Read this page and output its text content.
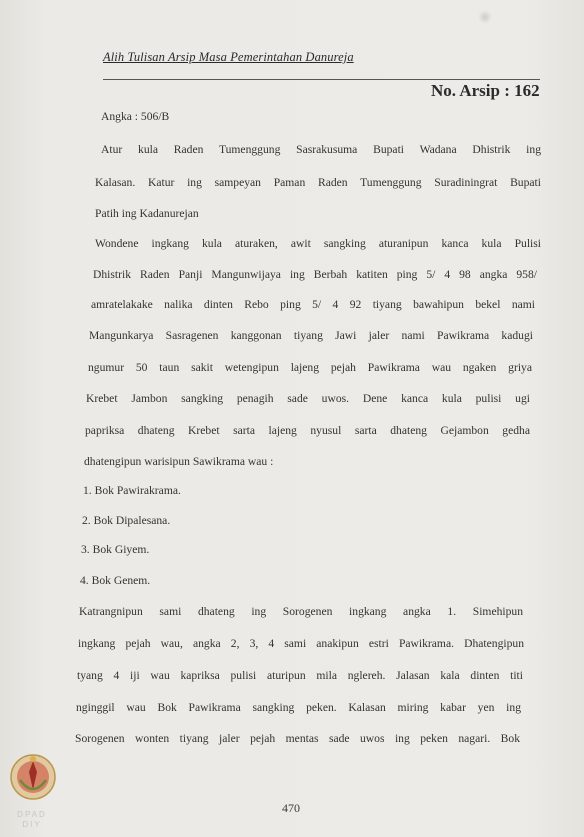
Alih Tulisan Arsip Masa Pemerintahan Danureja
No. Arsip : 162
Angka : 506/B
Atur kula Raden Tumenggung Sasrakusuma Bupati Wadana Dhistrik ing
Kalasan. Katur ing sampeyan Paman Raden Tumenggung Suradiningrat Bupati
Patih ing Kadanurejan
Wondene ingkang kula aturaken, awit sangking aturanipun kanca kula Pulisi
Dhistrik Raden Panji Mangunwijaya ing Berbah katiten ping 5/ 4 98 angka 958/
amratelakake nalika dinten Rebo ping 5/ 4 92 tiyang bawahipun bekel nami
Mangunkarya Sasragenen kanggonan tiyang Jawi jaler nami Pawikrama kadugi
ngumur 50 taun sakit wetengipun lajeng pejah Pawikrama wau ngaken griya
Krebet Jambon sangking penagih sade uwos. Dene kanca kula pulisi ugi
papriksa dhateng Krebet sarta lajeng nyusul sarta dhateng Gejambon gedha
dhatengipun warisipun Sawikrama wau :
1. Bok Pawirakrama.
2. Bok Dipalesana.
3. Bok Giyem.
4. Bok Genem.
Katrangnipun sami dhateng ing Sorogenen ingkang angka 1. Simehipun
ingkang pejah wau, angka 2, 3, 4 sami anakipun estri Pawikrama. Dhatengipun
tyang 4 iji wau kapriksa pulisi aturipun mila nglereh. Jalasan kala dinten titi
nginggil wau Bok Pawikrama sangking peken. Kalasan miring kabar yen ing
Sorogenen wonten tiyang jaler pejah mentas sade uwos ing peken nagari. Bok
470
DPAD
DIY
